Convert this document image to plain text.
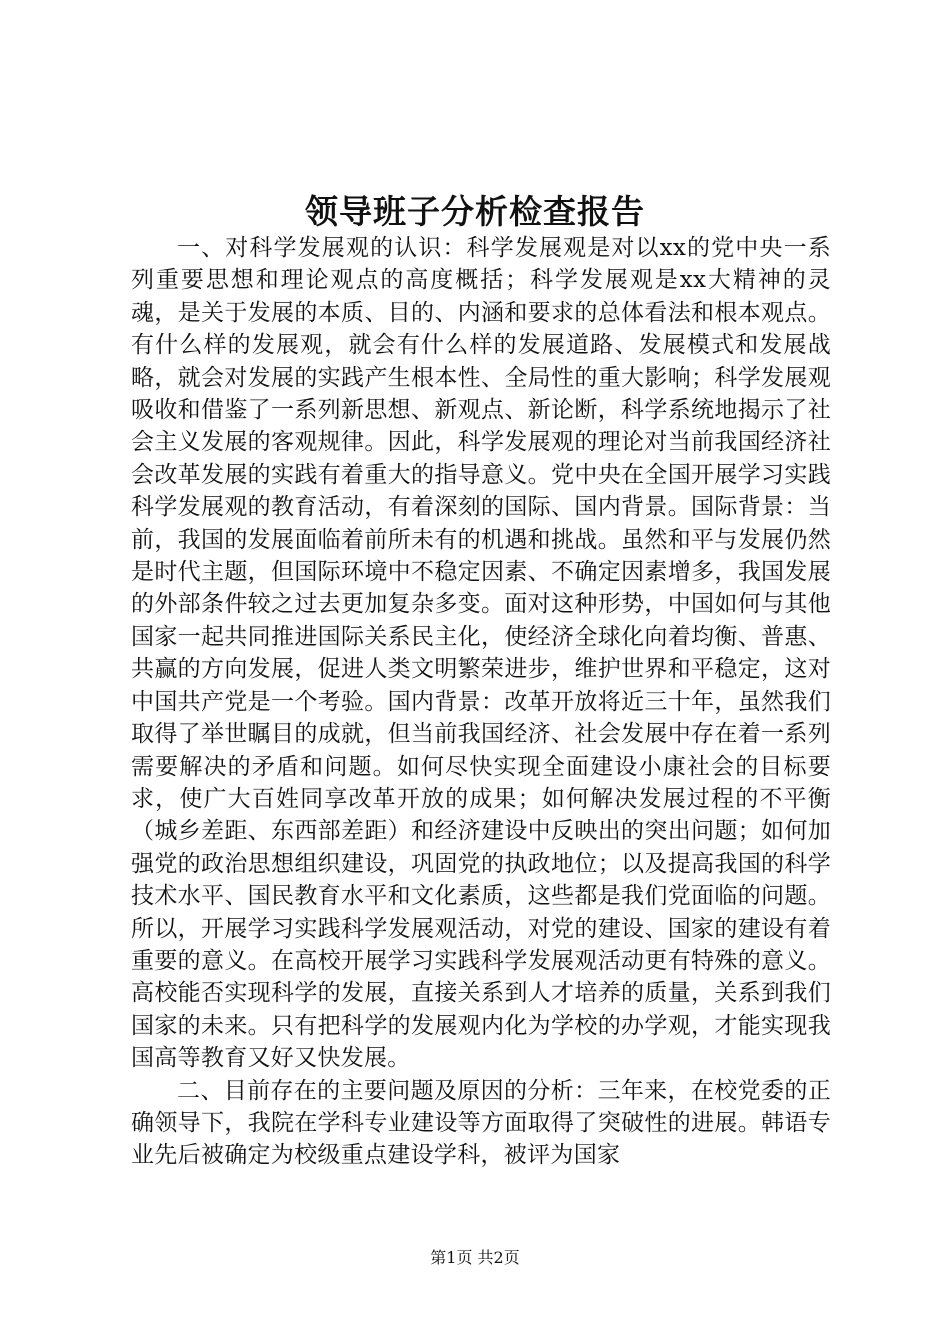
领导班子分析检查报告

一、对科学发展观的认识：科学发展观是对以xx的党中央一系列重要思想和理论观点的高度概括；科学发展观是xx大精神的灵魂，是关于发展的本质、目的、内涵和要求的总体看法和根本观点。有什么样的发展观，就会有什么样的发展道路、发展模式和发展战略，就会对发展的实践产生根本性、全局性的重大影响；科学发展观吸收和借鉴了一系列新思想、新观点、新论断，科学系统地揭示了社会主义发展的客观规律。因此，科学发展观的理论对当前我国经济社会改革发展的实践有着重大的指导意义。党中央在全国开展学习实践科学发展观的教育活动，有着深刻的国际、国内背景。国际背景：当前，我国的发展面临着前所未有的机遇和挑战。虽然和平与发展仍然是时代主题，但国际环境中不稳定因素、不确定因素增多，我国发展的外部条件较之过去更加复杂多变。面对这种形势，中国如何与其他国家一起共同推进国际关系民主化，使经济全球化向着均衡、普惠、共赢的方向发展，促进人类文明繁荣进步，维护世界和平稳定，这对中国共产党是一个考验。国内背景：改革开放将近三十年，虽然我们取得了举世瞩目的成就，但当前我国经济、社会发展中存在着一系列需要解决的矛盾和问题。如何尽快实现全面建设小康社会的目标要求，使广大百姓同享改革开放的成果；如何解决发展过程的不平衡（城乡差距、东西部差距）和经济建设中反映出的突出问题；如何加强党的政治思想组织建设，巩固党的执政地位；以及提高我国的科学技术水平、国民教育水平和文化素质，这些都是我们党面临的问题。所以，开展学习实践科学发展观活动，对党的建设、国家的建设有着重要的意义。在高校开展学习实践科学发展观活动更有特殊的意义。高校能否实现科学的发展，直接关系到人才培养的质量，关系到我们国家的未来。只有把科学的发展观内化为学校的办学观，才能实现我国高等教育又好又快发展。

二、目前存在的主要问题及原因的分析：三年来，在校党委的正确领导下，我院在学科专业建设等方面取得了突破性的进展。韩语专业先后被确定为校级重点建设学科，被评为国家

第1页 共2页
